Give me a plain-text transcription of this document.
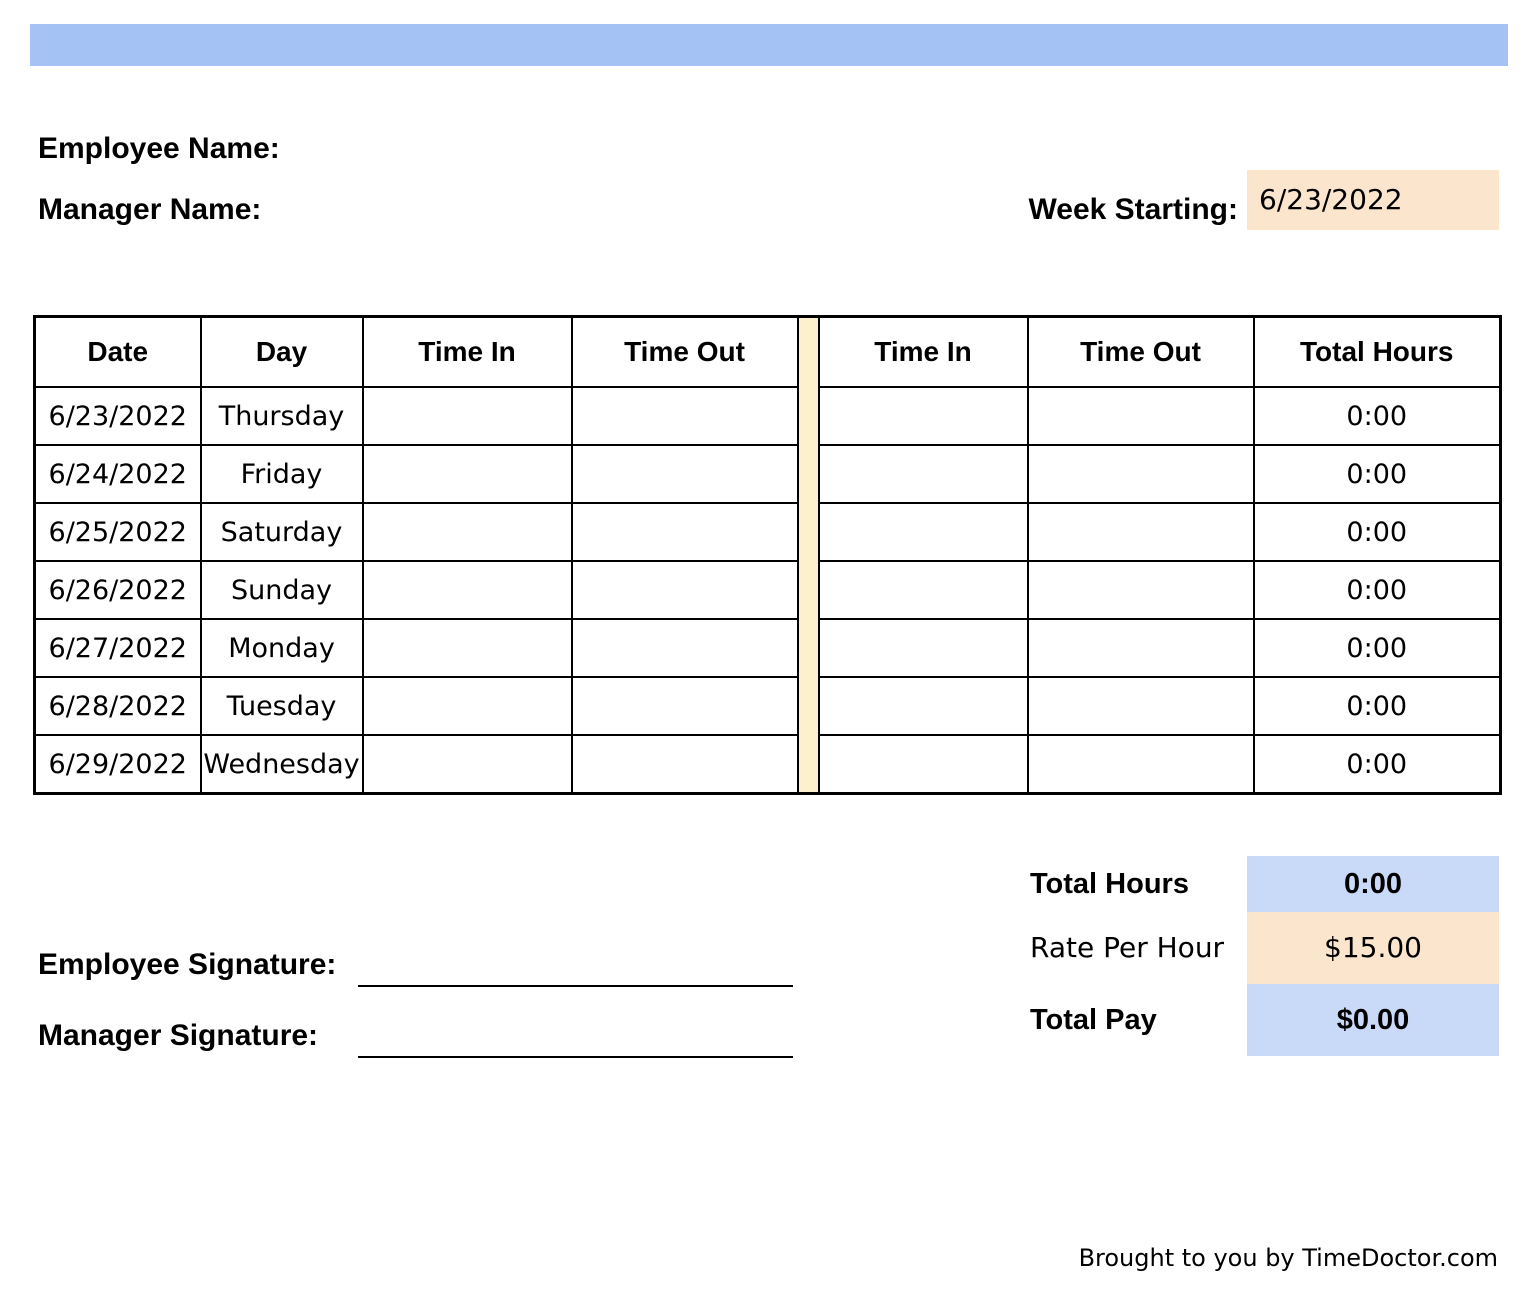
Employee Name:
Manager Name:	Week Starting: 6/23/2022
Date	Day	Time In	Time Out		Time In	Time Out	Total Hours
6/23/2022	Thursday						0:00
6/24/2022	Friday						0:00
6/25/2022	Saturday						0:00
6/26/2022	Sunday						0:00
6/27/2022	Monday						0:00
6/28/2022	Tuesday						0:00
6/29/2022	Wednesday						0:00
Total Hours	0:00
Rate Per Hour	$15.00
Total Pay	$0.00
Employee Signature:
Manager Signature:
Brought to you by TimeDoctor.com
